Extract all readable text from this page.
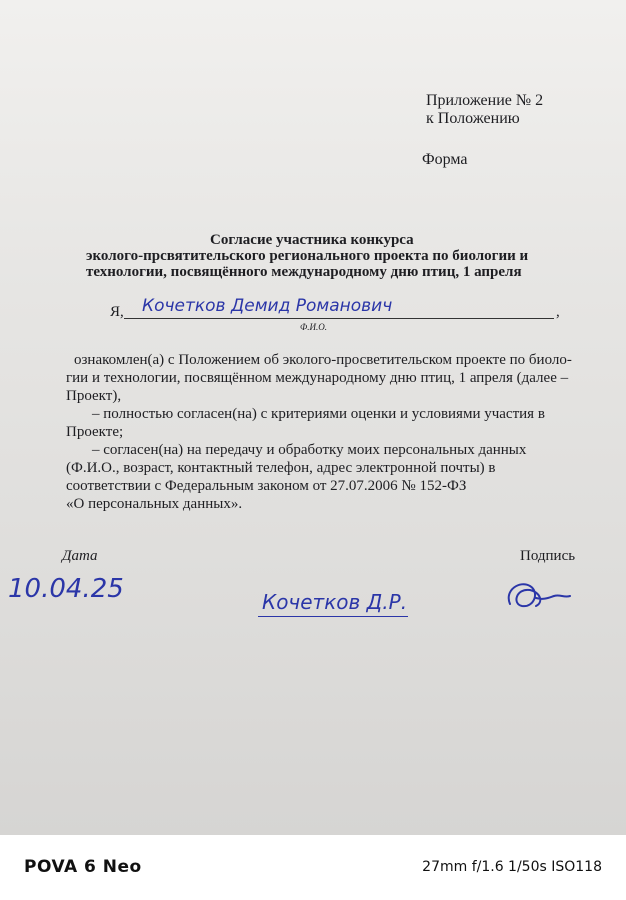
Приложение № 2
к Положению
Форма
Согласие участника конкурса
эколого-прсвятительского регионального проекта по биологии и
технологии, посвящённого международному дню птиц, 1 апреля
Я,	,
Кочетков Демид Романович
Ф.И.О.
ознакомлен(а) с Положением об эколого-просветительском проекте по биоло-
гии и технологии, посвящённом международному дню птиц, 1 апреля (далее –
Проект),
– полностью согласен(на) с критериями оценки и условиями участия в
Проекте;
– согласен(на) на передачу и обработку моих персональных данных
(Ф.И.О., возраст, контактный телефон, адрес электронной почты) в
соответствии с Федеральным законом от 27.07.2006 № 152-ФЗ
«О персональных данных».
Дата	Подпись
10.04.25	Кочетков Д.Р.
POVA 6 Neo	27mm f/1.6 1/50s ISO118
